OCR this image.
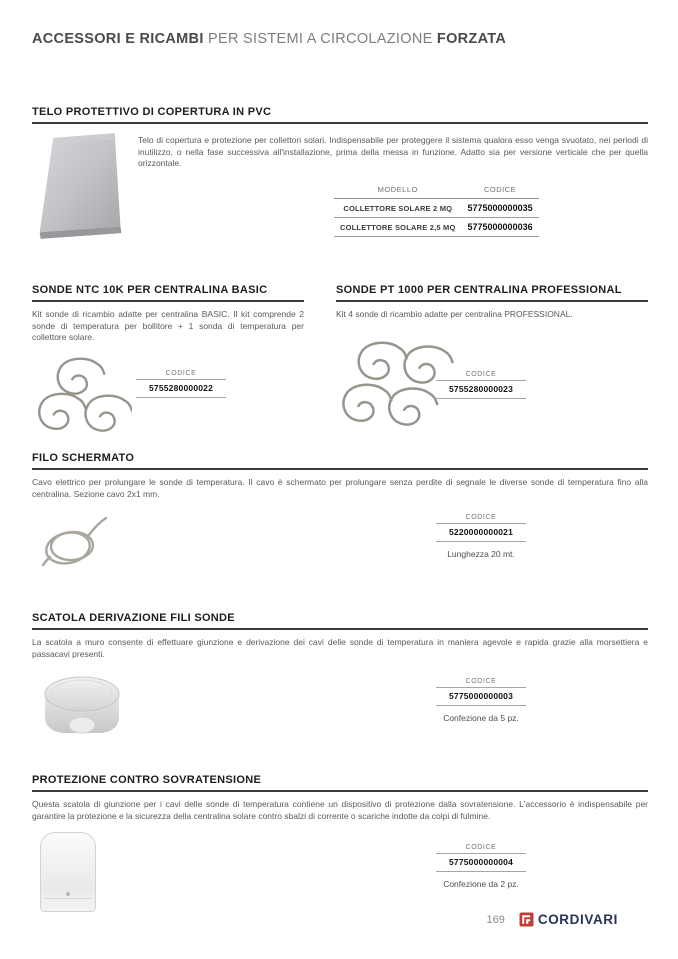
ACCESSORI E RICAMBI PER SISTEMI A CIRCOLAZIONE FORZATA
TELO PROTETTIVO DI COPERTURA IN PVC

Telo di copertura e protezione per collettori solari. Indispensabile per proteggere il sistema qualora esso venga svuotato, nei periodi di inutilizzo, o nella fase successiva all'installazione, prima della messa in funzione. Adatto sia per versione verticale che per quella orizzontale.

MODELLO	CODICE
COLLETTORE SOLARE 2 MQ	5775000000035
COLLETTORE SOLARE 2,5 MQ	5775000000036
SONDE NTC 10K PER CENTRALINA BASIC

Kit sonde di ricambio adatte per centralina BASIC. Il kit comprende 2 sonde di temperatura per bollitore + 1 sonda di temperatura per collettore solare.

CODICE
5755280000022
SONDE PT 1000 PER CENTRALINA PROFESSIONAL

Kit 4 sonde di ricambio adatte per centralina PROFESSIONAL.

CODICE
5755280000023
FILO SCHERMATO

Cavo elettrico per prolungare le sonde di temperatura. Il cavo è schermato per prolungare senza perdite di segnale le diverse sonde di temperatura fino alla centralina. Sezione cavo 2x1 mm.

CODICE
5220000000021
Lunghezza 20 mt.
SCATOLA DERIVAZIONE FILI SONDE

La scatola a muro consente di effettuare giunzione e derivazione dei cavi delle sonde di temperatura in maniera agevole e rapida grazie alla morsettiera e passacavi presenti.

CODICE
5775000000003
Confezione da 5 pz.
PROTEZIONE CONTRO SOVRATENSIONE

Questa scatola di giunzione per i cavi delle sonde di temperatura contiene un dispositivo di protezione dalla sovratensione. L'accessorio è indispensabile per garantire la protezione e la sicurezza della centralina solare contro sbalzi di corrente o scariche indotte da colpi di fulmine.

CODICE
5775000000004
Confezione da 2 pz.
169 CORDIVARI
